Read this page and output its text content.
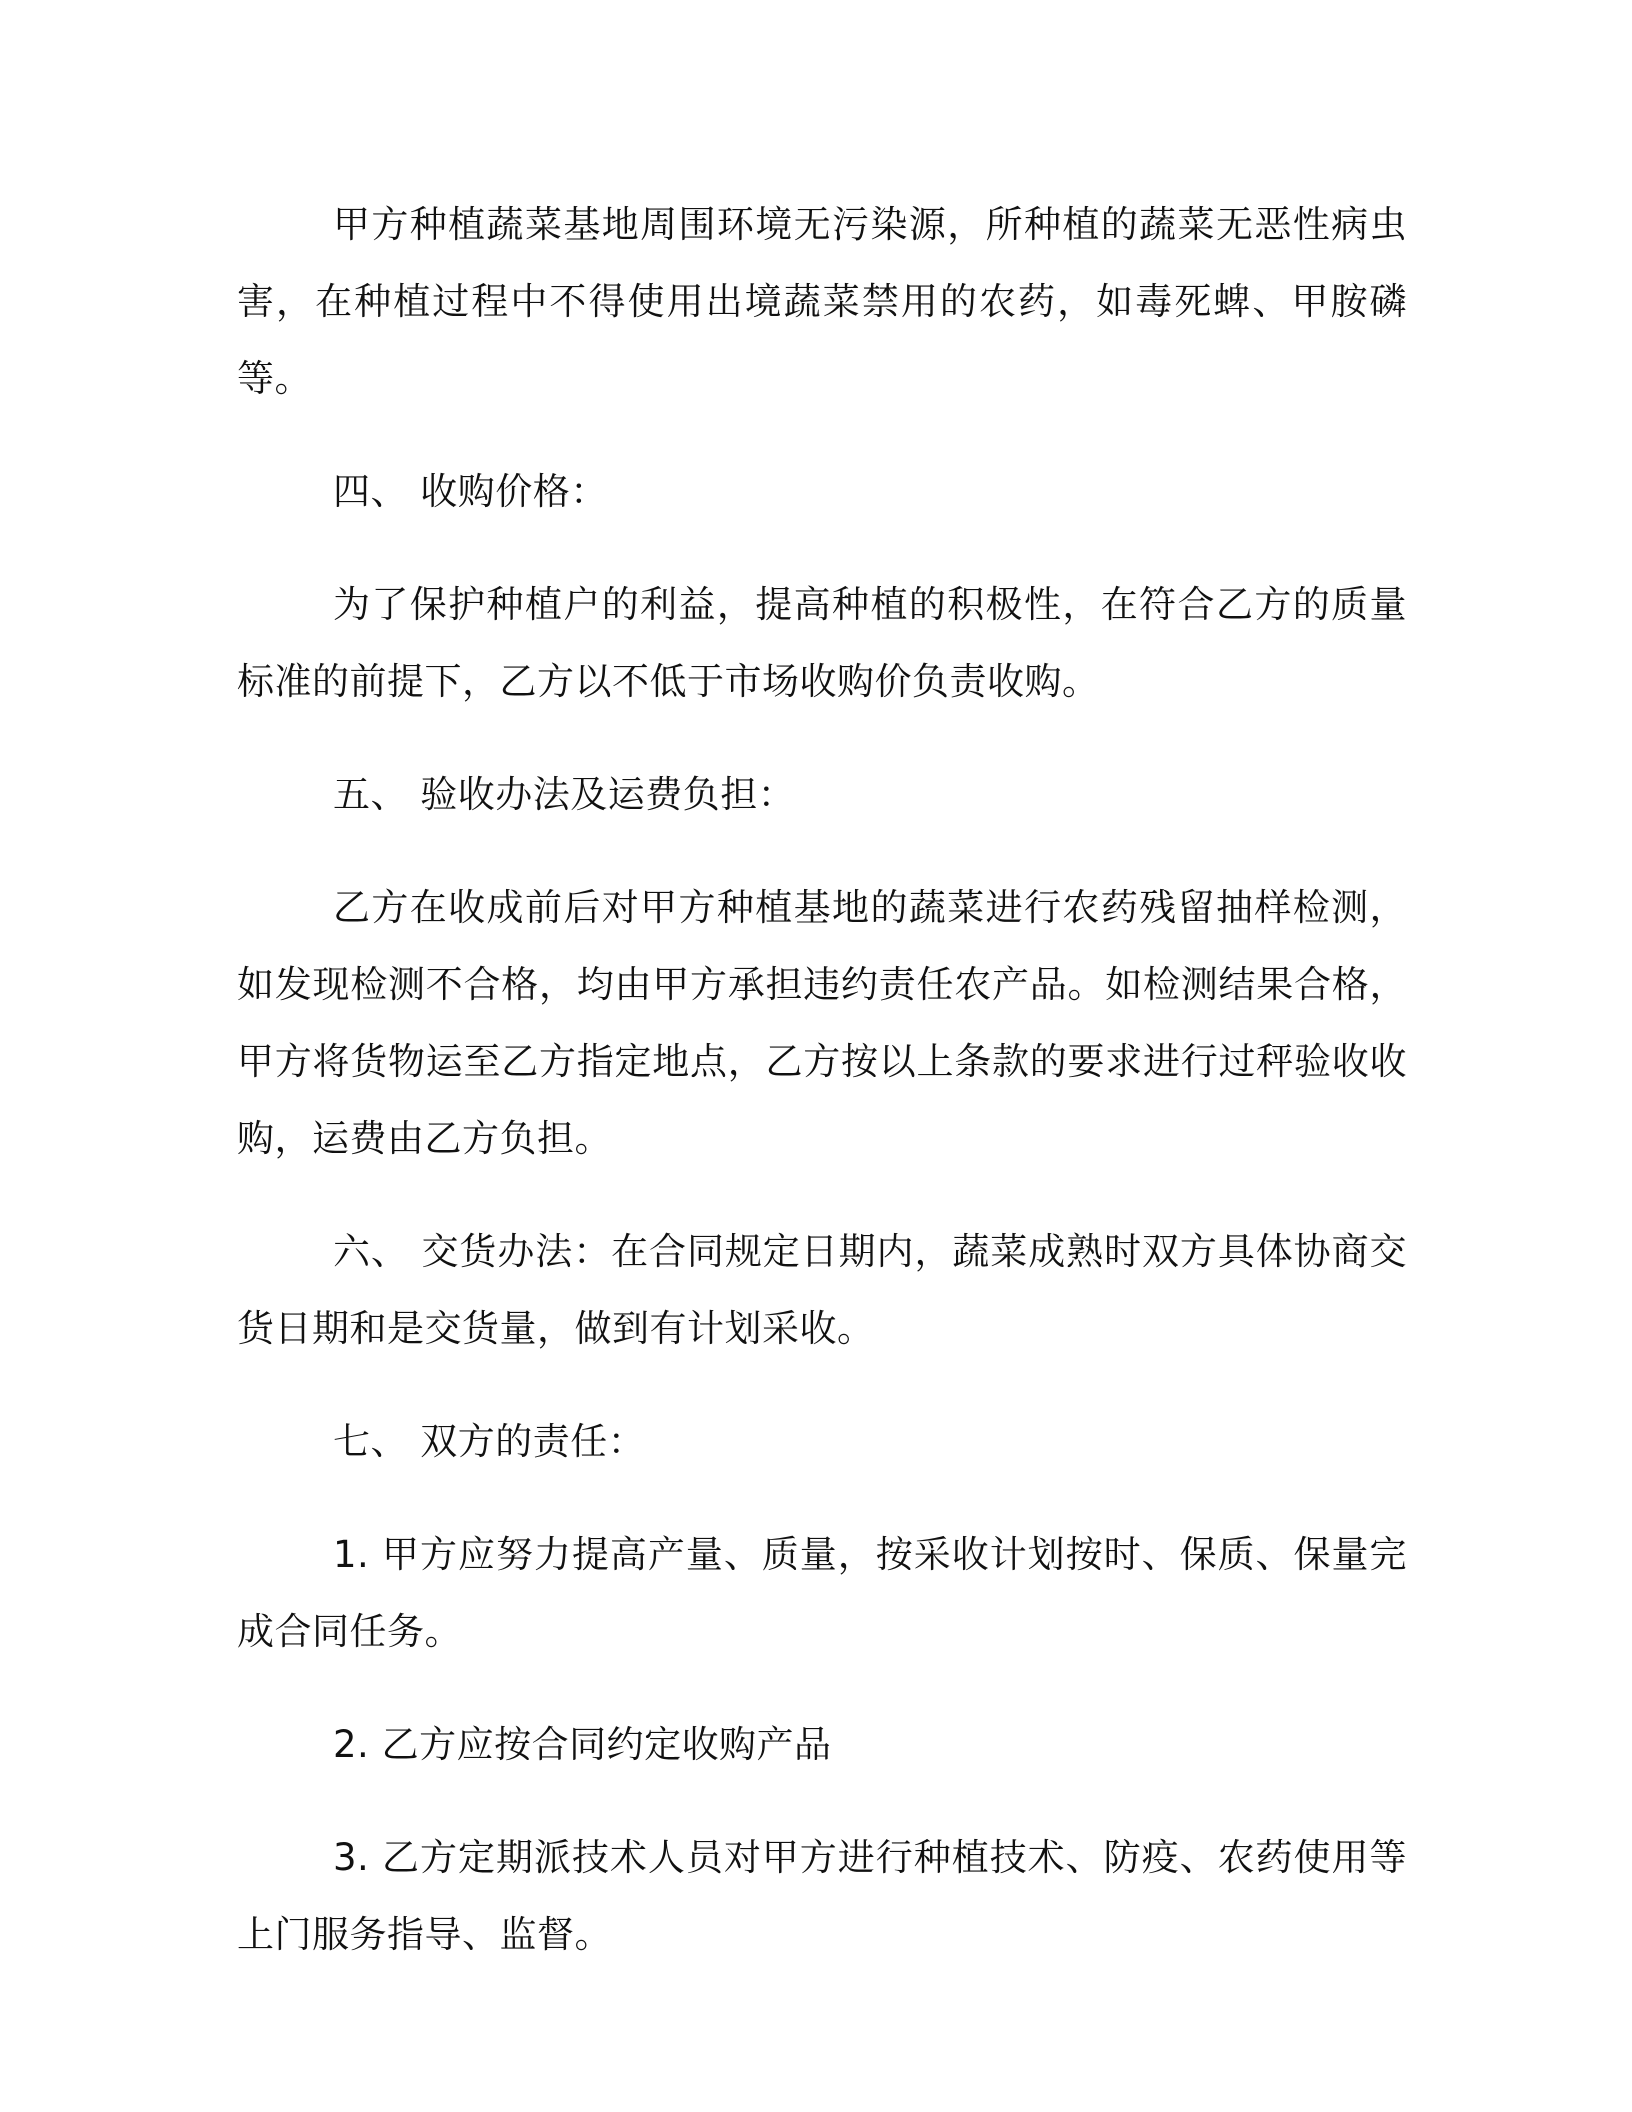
甲方种植蔬菜基地周围环境无污染源，所种植的蔬菜无恶性病虫害，在种植过程中不得使用出境蔬菜禁用的农药，如毒死蜱、甲胺磷等。

四、 收购价格：

为了保护种植户的利益，提高种植的积极性，在符合乙方的质量标准的前提下，乙方以不低于市场收购价负责收购。

五、 验收办法及运费负担：

乙方在收成前后对甲方种植基地的蔬菜进行农药残留抽样检测，如发现检测不合格，均由甲方承担违约责任农产品。如检测结果合格，甲方将货物运至乙方指定地点，乙方按以上条款的要求进行过秤验收收购，运费由乙方负担。

六、 交货办法：在合同规定日期内，蔬菜成熟时双方具体协商交货日期和是交货量，做到有计划采收。

七、 双方的责任：

1. 甲方应努力提高产量、质量，按采收计划按时、保质、保量完成合同任务。

2. 乙方应按合同约定收购产品

3. 乙方定期派技术人员对甲方进行种植技术、防疫、农药使用等上门服务指导、监督。
